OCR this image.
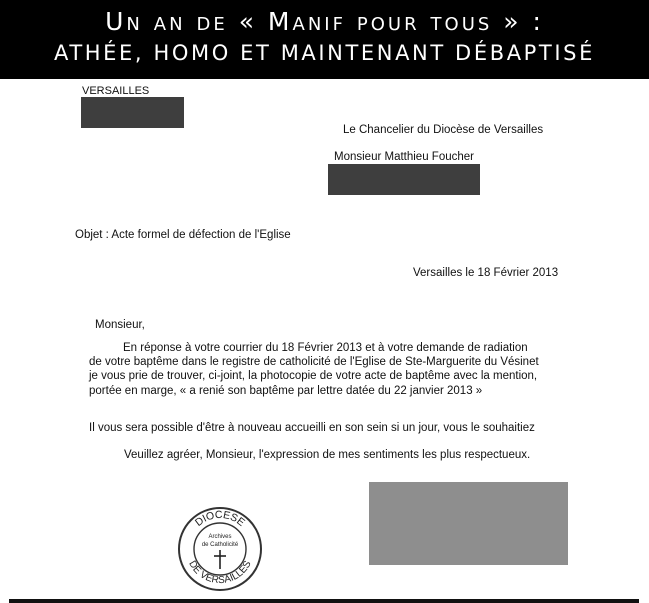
Un an de « Manif pour tous » :
ATHÉE, HOMO ET MAINTENANT DÉBAPTISÉ
VERSAILLES
Le Chancelier du Diocèse de Versailles
Monsieur Matthieu Foucher
Objet : Acte formel de défection de l'Eglise
Versailles le 18 Février 2013
Monsieur,
En réponse à votre courrier du 18 Février 2013 et à votre demande de radiation
de votre baptême dans le registre de catholicité de l'Eglise de Ste-Marguerite du Vésinet
je vous prie de trouver, ci-joint, la photocopie de votre acte de baptême avec la mention,
portée en marge, « a renié son baptême par lettre datée du 22 janvier 2013 »
Il vous sera possible d'être à nouveau accueilli en son sein si un jour, vous le souhaitiez
Veuillez agréer, Monsieur, l'expression de mes sentiments les plus respectueux.
DIOCESE
DE VERSAILLES
Archives
de Catholicité
